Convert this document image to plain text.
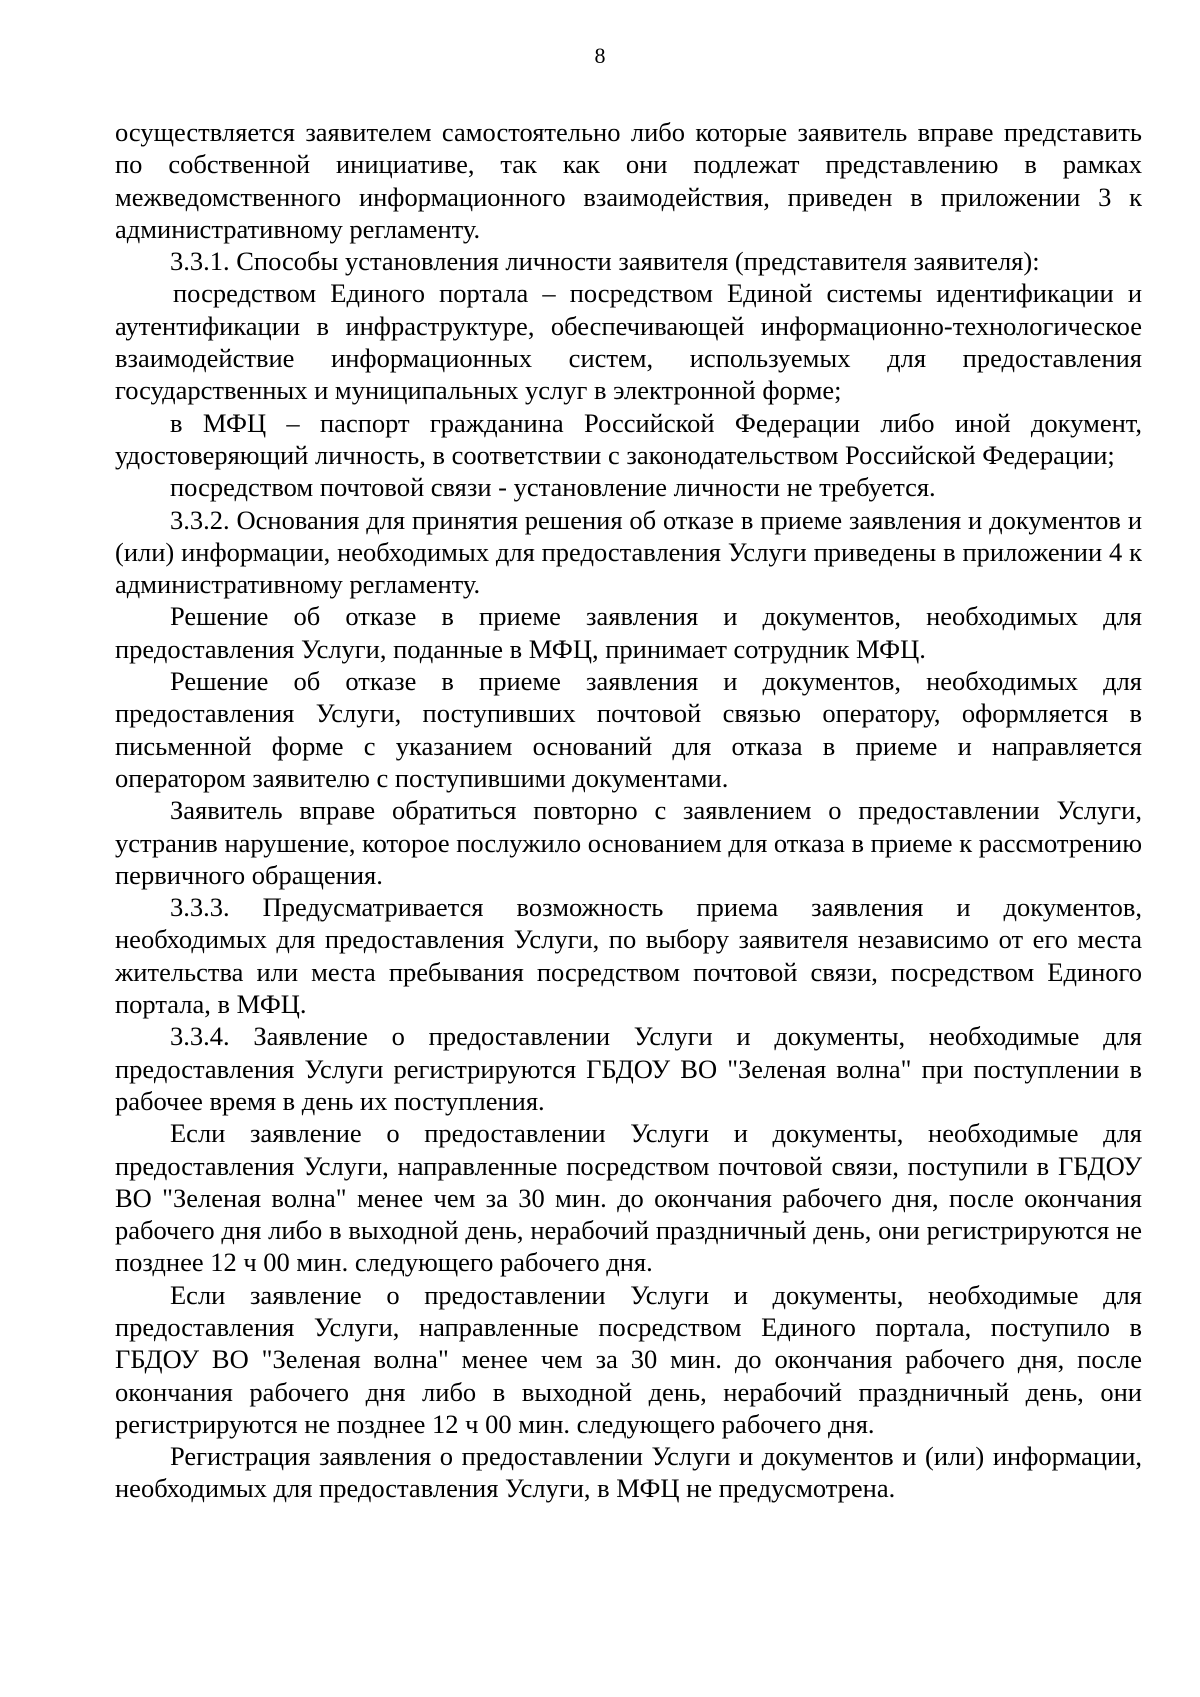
8

осуществляется заявителем самостоятельно либо которые заявитель вправе представить по собственной инициативе, так как они подлежат представлению в рамках межведомственного информационного взаимодействия, приведен в приложении 3 к административному регламенту.

3.3.1. Способы установления личности заявителя (представителя заявителя):

посредством Единого портала – посредством Единой системы идентификации и аутентификации в инфраструктуре, обеспечивающей информационно-технологическое взаимодействие информационных систем, используемых для предоставления государственных и муниципальных услуг в электронной форме;

в МФЦ – паспорт гражданина Российской Федерации либо иной документ, удостоверяющий личность, в соответствии с законодательством Российской Федерации;

посредством почтовой связи - установление личности не требуется.

3.3.2. Основания для принятия решения об отказе в приеме заявления и документов и (или) информации, необходимых для предоставления Услуги приведены в приложении 4 к административному регламенту.

Решение об отказе в приеме заявления и документов, необходимых для предоставления Услуги, поданные в МФЦ, принимает сотрудник МФЦ.

Решение об отказе в приеме заявления и документов, необходимых для предоставления Услуги, поступивших почтовой связью оператору, оформляется в письменной форме с указанием оснований для отказа в приеме и направляется оператором заявителю с поступившими документами.

Заявитель вправе обратиться повторно с заявлением о предоставлении Услуги, устранив нарушение, которое послужило основанием для отказа в приеме к рассмотрению первичного обращения.

3.3.3. Предусматривается возможность приема заявления и документов, необходимых для предоставления Услуги, по выбору заявителя независимо от его места жительства или места пребывания посредством почтовой связи, посредством Единого портала, в МФЦ.

3.3.4. Заявление о предоставлении Услуги и документы, необходимые для предоставления Услуги регистрируются ГБДОУ ВО "Зеленая волна" при поступлении в рабочее время в день их поступления.

Если заявление о предоставлении Услуги и документы, необходимые для предоставления Услуги, направленные посредством почтовой связи, поступили в ГБДОУ ВО "Зеленая волна" менее чем за 30 мин. до окончания рабочего дня, после окончания рабочего дня либо в выходной день, нерабочий праздничный день, они регистрируются не позднее 12 ч 00 мин. следующего рабочего дня.

Если заявление о предоставлении Услуги и документы, необходимые для предоставления Услуги, направленные посредством Единого портала, поступило в ГБДОУ ВО "Зеленая волна" менее чем за 30 мин. до окончания рабочего дня, после окончания рабочего дня либо в выходной день, нерабочий праздничный день, они регистрируются не позднее 12 ч 00 мин. следующего рабочего дня.

Регистрация заявления о предоставлении Услуги и документов и (или) информации, необходимых для предоставления Услуги, в МФЦ не предусмотрена.
